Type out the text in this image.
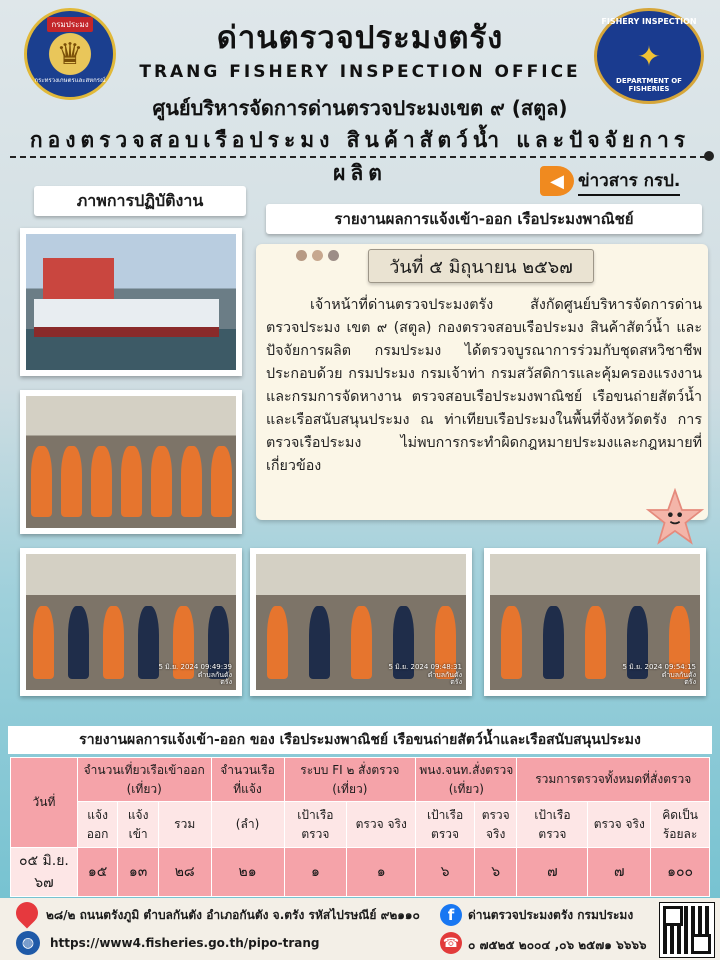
กรมประมง
♛
กระทรวงเกษตรและสหกรณ์
ด่านตรวจประมงตรัง
TRANG FISHERY INSPECTION OFFICE
ศูนย์บริหารจัดการด่านตรวจประมงเขต ๙ (สตูล)
กองตรวจสอบเรือประมง สินค้าสัตว์น้ำ และปัจจัยการผลิต
FISHERY INSPECTION
✦
DEPARTMENT OF FISHERIES
◀ ข่าวสาร กรป.
ภาพการปฏิบัติงาน
รายงานผลการแจ้งเข้า-ออก เรือประมงพาณิชย์
วันที่ ๕ มิถุนายน ๒๕๖๗
เจ้าหน้าที่ด่านตรวจประมงตรัง สังกัดศูนย์บริหารจัดการด่านตรวจประมง เขต ๙ (สตูล) กองตรวจสอบเรือประมง สินค้าสัตว์น้ำ และปัจจัยการผลิต กรมประมง ได้ตรวจบูรณาการร่วมกับชุดสหวิชาชีพ ประกอบด้วย กรมประมง กรมเจ้าท่า กรมสวัสดิการและคุ้มครองแรงงาน และกรมการจัดหางาน ตรวจสอบเรือประมงพาณิชย์ เรือขนถ่ายสัตว์น้ำและเรือสนับสนุนประมง ณ ท่าเทียบเรือประมงในพื้นที่จังหวัดตรัง การตรวจเรือประมง ไม่พบการกระทำผิดกฎหมายประมงและกฎหมายที่เกี่ยวข้อง
5 มิ.ย. 2024 09:48:31
ตำบลกันตัง
ตรัง
5 มิ.ย. 2024 09:54:15
ตำบลกันตัง
ตรัง
5 มิ.ย. 2024 09:49:39
ตำบลกันตัง
ตรัง
รายงานผลการแจ้งเข้า-ออก ของ เรือประมงพาณิชย์ เรือขนถ่ายสัตว์น้ำและเรือสนับสนุนประมง
วันที่	จำนวนเที่ยวเรือเข้าออก (เที่ยว)			จำนวนเรือ ที่แจ้ง	ระบบ FI ๒ สั่งตรวจ (เที่ยว)		พนง.จนท.สั่งตรวจ (เที่ยว)		รวมการตรวจทั้งหมดที่สั่งตรวจ		
	แจ้ง ออก	แจ้ง เข้า	รวม	(ลำ)	เป้าเรือ ตรวจ	ตรวจ จริง	เป้าเรือ ตรวจ	ตรวจ จริง	เป้าเรือ ตรวจ	ตรวจ จริง	คิดเป็น ร้อยละ
๐๕ มิ.ย. ๖๗	๑๕	๑๓	๒๘	๒๑	๑	๑	๖	๖	๗	๗	๑๐๐
๒๘/๒ ถนนตรังภูมิ ตำบลกันตัง อำเภอกันตัง จ.ตรัง รหัสไปรษณีย์ ๙๒๑๑๐
◍	https://www4.fisheries.go.th/pipo-trang
f	ด่านตรวจประมงตรัง กรมประมง
☎ ๐ ๗๕๒๕ ๒๐๐๔ ,๐๖ ๒๕๗๑ ๖๖๖๖
